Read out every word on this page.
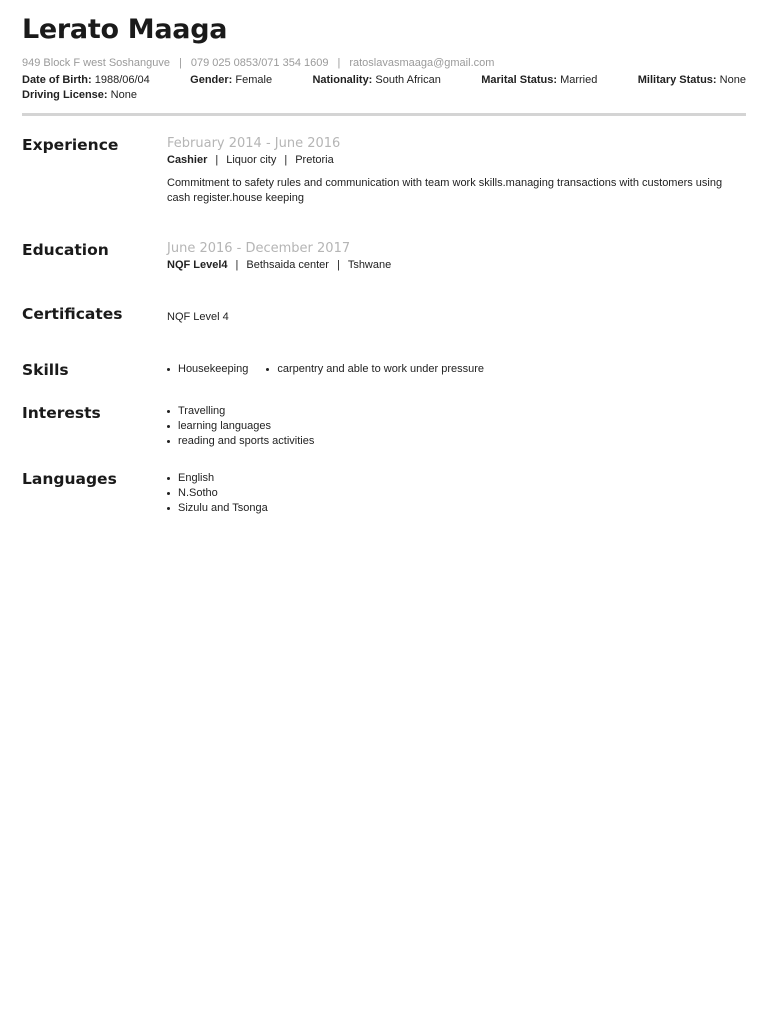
Lerato Maaga
949 Block F west Soshanguve | 079 025 0853/071 354 1609 | ratoslavasmaaga@gmail.com
Date of Birth: 1988/06/04	Gender: Female	Nationality: South African	Marital Status: Married	Military Status: None
Driving License: None
Experience	February 2014 - June 2016
Cashier | Liquor city | Pretoria
Commitment to safety rules and communication with team work skills.managing transactions with customers using cash register.house keeping
Education	June 2016 - December 2017
NQF Level4 | Bethsaida center | Tshwane
Certificates	NQF Level 4
Skills	Housekeeping	carpentry and able to work under pressure
Interests	Travelling
learning languages
reading and sports activities
Languages	English
N.Sotho
Sizulu and Tsonga
